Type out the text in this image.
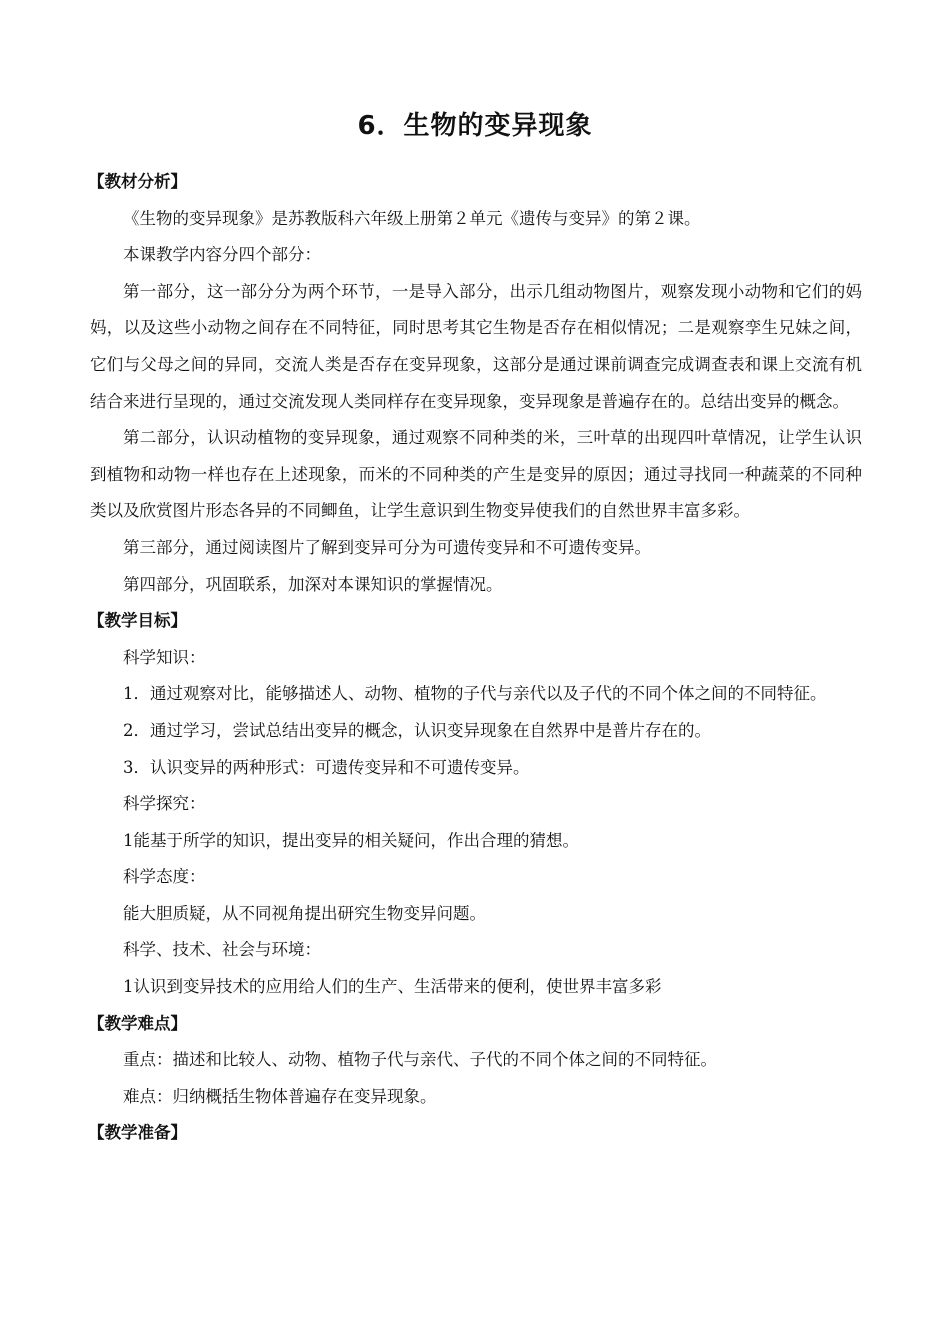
6．生物的变异现象
【教材分析】

《生物的变异现象》是苏教版科六年级上册第２单元《遗传与变异》的第２课。

本课教学内容分四个部分：

第一部分，这一部分分为两个环节，一是导入部分，出示几组动物图片，观察发现小动物和它们的妈妈，以及这些小动物之间存在不同特征，同时思考其它生物是否存在相似情况；二是观察孪生兄妹之间，它们与父母之间的异同，交流人类是否存在变异现象，这部分是通过课前调查完成调查表和课上交流有机结合来进行呈现的，通过交流发现人类同样存在变异现象，变异现象是普遍存在的。总结出变异的概念。

第二部分，认识动植物的变异现象，通过观察不同种类的米，三叶草的出现四叶草情况，让学生认识到植物和动物一样也存在上述现象，而米的不同种类的产生是变异的原因；通过寻找同一种蔬菜的不同种类以及欣赏图片形态各异的不同鲫鱼，让学生意识到生物变异使我们的自然世界丰富多彩。

第三部分，通过阅读图片了解到变异可分为可遗传变异和不可遗传变异。

第四部分，巩固联系，加深对本课知识的掌握情况。

【教学目标】

科学知识：

1．通过观察对比，能够描述人、动物、植物的子代与亲代以及子代的不同个体之间的不同特征。

2．通过学习，尝试总结出变异的概念，认识变异现象在自然界中是普片存在的。

3．认识变异的两种形式：可遗传变异和不可遗传变异。

科学探究：

1能基于所学的知识，提出变异的相关疑问，作出合理的猜想。

科学态度：

能大胆质疑，从不同视角提出研究生物变异问题。

科学、技术、社会与环境：

1认识到变异技术的应用给人们的生产、生活带来的便利，使世界丰富多彩

【教学难点】

重点：描述和比较人、动物、植物子代与亲代、子代的不同个体之间的不同特征。

难点：归纳概括生物体普遍存在变异现象。

【教学准备】
